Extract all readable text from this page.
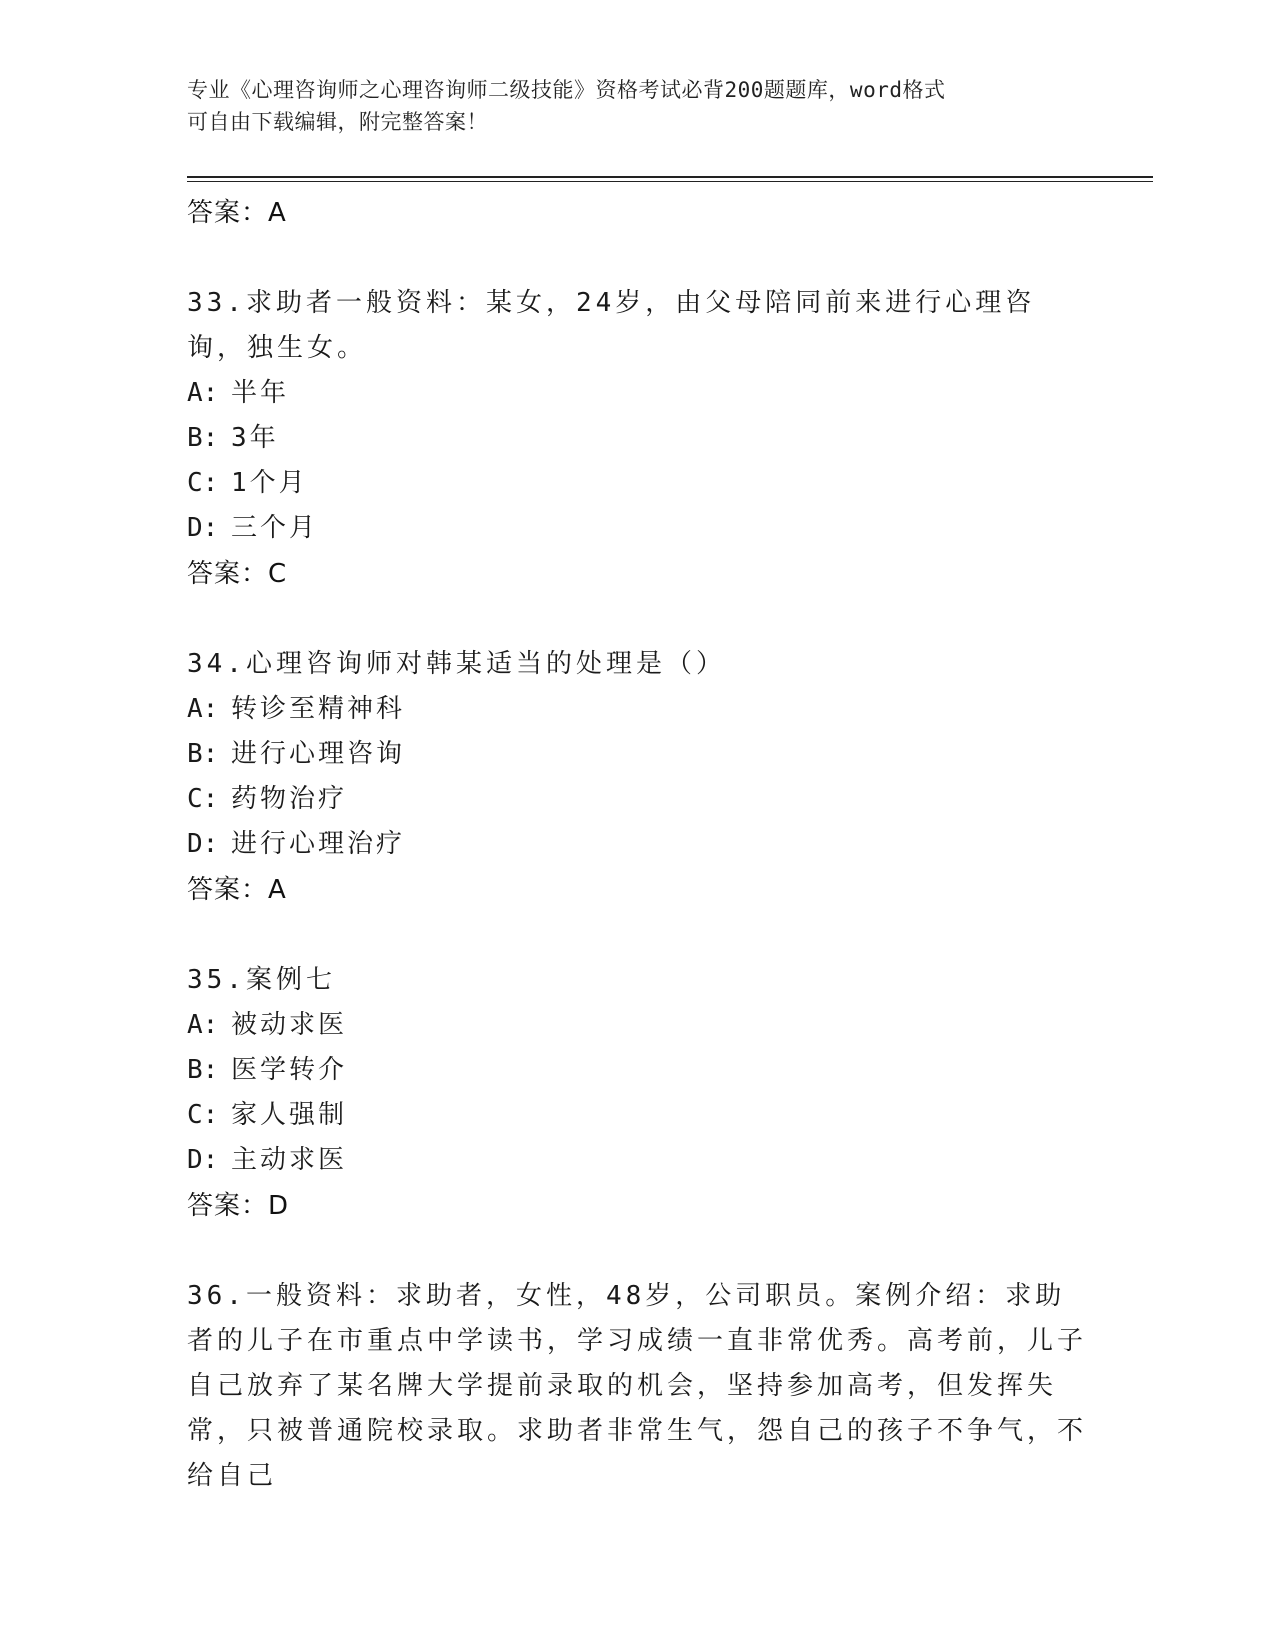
专业《心理咨询师之心理咨询师二级技能》资格考试必背200题题库，word格式
可自由下载编辑，附完整答案！
答案：A
33.求助者一般资料：某女，24岁，由父母陪同前来进行心理咨询，独生女。
A: 半年
B: 3年
C: 1个月
D: 三个月
答案：C
34.心理咨询师对韩某适当的处理是（）
A: 转诊至精神科
B: 进行心理咨询
C: 药物治疗
D: 进行心理治疗
答案：A
35.案例七
A: 被动求医
B: 医学转介
C: 家人强制
D: 主动求医
答案：D
36.一般资料：求助者，女性，48岁，公司职员。案例介绍：求助者的儿子在市重点中学读书，学习成绩一直非常优秀。高考前，儿子自己放弃了某名牌大学提前录取的机会，坚持参加高考，但发挥失常，只被普通院校录取。求助者非常生气，怨自己的孩子不争气，不给自己
